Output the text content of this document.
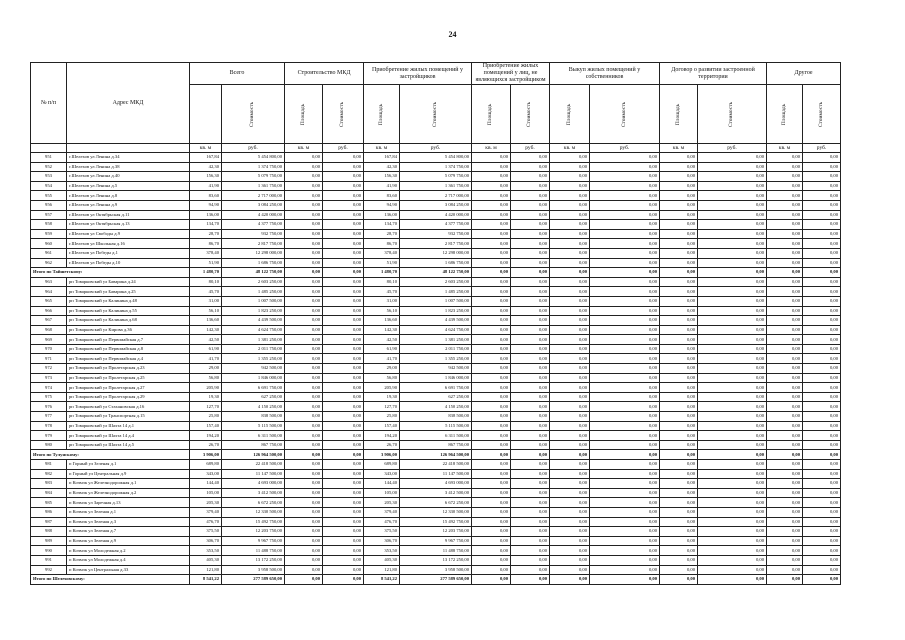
24
№ п/п	Адрес МКД	Всего		Строительство МКД		Приобретение жилых помещений у застройщиков		Приобретение жилых помещений у лиц, не являющихся застройщиком		Выкуп жилых помещений у собственников		Договор о развитии застроенной территории		Другое	
	Стоимость	Площадь	Стоимость	Площадь	Стоимость	Площадь	Стоимость	Площадь	Стоимость	Площадь	Стоимость	Площадь	Стоимость
		кв. м	руб.	кв. м	руб.	кв. м	руб.	кв. м	руб.	кв. м	руб.	кв. м	руб.	кв. м	руб.
951	г.Шелехов ул Ленина д.34	167,84	5 454 800,00	0,00	0,00	167,84	5 454 800,00	0,00	0,00	0,00	0,00	0,00	0,00	0,00	0,00
952	г.Шелехов ул Ленина д.38	42,30	1 374 750,00	0,00	0,00	42,30	1 374 750,00	0,00	0,00	0,00	0,00	0,00	0,00	0,00	0,00
953	г.Шелехов ул Ленина д.40	156,30	5 079 750,00	0,00	0,00	156,30	5 079 750,00	0,00	0,00	0,00	0,00	0,00	0,00	0,00	0,00
954	г.Шелехов ул Ленина д.5	41,90	1 361 750,00	0,00	0,00	41,90	1 361 750,00	0,00	0,00	0,00	0,00	0,00	0,00	0,00	0,00
955	г.Шелехов ул Ленина д.8	83,60	2 717 000,00	0,00	0,00	83,60	2 717 000,00	0,00	0,00	0,00	0,00	0,00	0,00	0,00	0,00
956	г.Шелехов ул Ленина д.9	94,90	3 084 250,00	0,00	0,00	94,90	3 084 250,00	0,00	0,00	0,00	0,00	0,00	0,00	0,00	0,00
957	г.Шелехов ул Октябрьская д.11	136,00	4 420 000,00	0,00	0,00	136,00	4 420 000,00	0,00	0,00	0,00	0,00	0,00	0,00	0,00	0,00
958	г.Шелехов ул Октябрьская д.13	134,70	4 377 750,00	0,00	0,00	134,70	4 377 750,00	0,00	0,00	0,00	0,00	0,00	0,00	0,00	0,00
959	г.Шелехов ул Свободы д.9	28,70	932 750,00	0,00	0,00	28,70	932 750,00	0,00	0,00	0,00	0,00	0,00	0,00	0,00	0,00
960	г.Шелехов ул Школьная д.16	86,70	2 817 750,00	0,00	0,00	86,70	2 817 750,00	0,00	0,00	0,00	0,00	0,00	0,00	0,00	0,00
961	г.Шелехов ул Победы д.1	378,40	12 298 000,00	0,00	0,00	378,40	12 298 000,00	0,00	0,00	0,00	0,00	0,00	0,00	0,00	0,00
962	г.Шелехов ул Победы д.10	51,90	1 686 750,00	0,00	0,00	51,90	1 686 750,00	0,00	0,00	0,00	0,00	0,00	0,00	0,00	0,00
Итого по Тайшетскому:		1 480,70	48 122 750,00	0,00	0,00	1 480,70	48 122 750,00	0,00	0,00	0,00	0,00	0,00	0,00	0,00	0,00
963	рп Товарковский ул Баварина д.24	80,10	2 603 250,00	0,00	0,00	80,10	2 603 250,00	0,00	0,00	0,00	0,00	0,00	0,00	0,00	0,00
964	рп Товарковский ул Баварина д.25	45,70	1 485 250,00	0,00	0,00	45,70	1 485 250,00	0,00	0,00	0,00	0,00	0,00	0,00	0,00	0,00
965	рп Товарковский ул Калинина д.48	31,00	1 007 500,00	0,00	0,00	31,00	1 007 500,00	0,00	0,00	0,00	0,00	0,00	0,00	0,00	0,00
966	рп Товарковский ул Калинина д.55	56,10	1 823 250,00	0,00	0,00	56,10	1 823 250,00	0,00	0,00	0,00	0,00	0,00	0,00	0,00	0,00
967	рп Товарковский ул Калинина д.68	136,60	4 439 500,00	0,00	0,00	136,60	4 439 500,00	0,00	0,00	0,00	0,00	0,00	0,00	0,00	0,00
968	рп Товарковский ул Кирова д.36	142,30	4 624 750,00	0,00	0,00	142,30	4 624 750,00	0,00	0,00	0,00	0,00	0,00	0,00	0,00	0,00
969	рп Товарковский ул Первомайская д.7	42,50	1 381 250,00	0,00	0,00	42,50	1 381 250,00	0,00	0,00	0,00	0,00	0,00	0,00	0,00	0,00
970	рп Товарковский ул Первомайская д.8	61,90	2 011 750,00	0,00	0,00	61,90	2 011 750,00	0,00	0,00	0,00	0,00	0,00	0,00	0,00	0,00
971	рп Товарковский ул Первомайская д.4	41,70	1 355 250,00	0,00	0,00	41,70	1 355 250,00	0,00	0,00	0,00	0,00	0,00	0,00	0,00	0,00
972	рп Товарковский ул Пролетарская д.23	29,00	942 500,00	0,00	0,00	29,00	942 500,00	0,00	0,00	0,00	0,00	0,00	0,00	0,00	0,00
973	рп Товарковский ул Пролетарская д.25	56,80	1 846 000,00	0,00	0,00	56,80	1 846 000,00	0,00	0,00	0,00	0,00	0,00	0,00	0,00	0,00
974	рп Товарковский ул Пролетарская д.27	205,90	6 691 750,00	0,00	0,00	205,90	6 691 750,00	0,00	0,00	0,00	0,00	0,00	0,00	0,00	0,00
975	рп Товарковский ул Пролетарская д.29	19,30	627 250,00	0,00	0,00	19,30	627 250,00	0,00	0,00	0,00	0,00	0,00	0,00	0,00	0,00
976	рп Товарковский ул Стахановская д.16	127,70	4 150 250,00	0,00	0,00	127,70	4 150 250,00	0,00	0,00	0,00	0,00	0,00	0,00	0,00	0,00
977	рп Товарковский ул Транспортная д.15	25,80	838 500,00	0,00	0,00	25,80	838 500,00	0,00	0,00	0,00	0,00	0,00	0,00	0,00	0,00
978	рп Товарковский ул Шахта 14 д.1	157,40	5 115 500,00	0,00	0,00	157,40	5 115 500,00	0,00	0,00	0,00	0,00	0,00	0,00	0,00	0,00
979	рп Товарковский ул Шахта 14 д.4	194,20	6 311 500,00	0,00	0,00	194,20	6 311 500,00	0,00	0,00	0,00	0,00	0,00	0,00	0,00	0,00
980	рп Товарковский ул Шахта 14 д.5	26,70	867 750,00	0,00	0,00	26,70	867 750,00	0,00	0,00	0,00	0,00	0,00	0,00	0,00	0,00
Итого по Тулунскому:		3 906,00	126 964 500,00	0,00	0,00	3 906,00	126 964 500,00	0,00	0,00	0,00	0,00	0,00	0,00	0,00	0,00
981	п Горный ул Зеленая д.1	689,80	22 418 500,00	0,00	0,00	689,80	22 418 500,00	0,00	0,00	0,00	0,00	0,00	0,00	0,00	0,00
982	п Горный ул Центральная д.9	343,00	11 147 500,00	0,00	0,00	343,00	11 147 500,00	0,00	0,00	0,00	0,00	0,00	0,00	0,00	0,00
983	п Кочмэк ул Железнодорожная д.1	144,40	4 693 000,00	0,00	0,00	144,40	4 693 000,00	0,00	0,00	0,00	0,00	0,00	0,00	0,00	0,00
984	п Кочмэк ул Железнодорожная д.2	105,00	3 412 500,00	0,00	0,00	105,00	3 412 500,00	0,00	0,00	0,00	0,00	0,00	0,00	0,00	0,00
985	п Кочмэк ул Заречная д.13	205,30	6 672 250,00	0,00	0,00	205,30	6 672 250,00	0,00	0,00	0,00	0,00	0,00	0,00	0,00	0,00
986	п Кочмэк ул Зеленая д.1	379,40	12 330 500,00	0,00	0,00	379,40	12 330 500,00	0,00	0,00	0,00	0,00	0,00	0,00	0,00	0,00
987	п Кочмэк ул Зеленая д.3	476,70	15 492 750,00	0,00	0,00	476,70	15 492 750,00	0,00	0,00	0,00	0,00	0,00	0,00	0,00	0,00
988	п Кочмэк ул Зеленая д.7	375,50	12 203 750,00	0,00	0,00	375,50	12 203 750,00	0,00	0,00	0,00	0,00	0,00	0,00	0,00	0,00
989	п Кочмэк ул Зеленая д.9	306,70	9 967 750,00	0,00	0,00	306,70	9 967 750,00	0,00	0,00	0,00	0,00	0,00	0,00	0,00	0,00
990	п Кочмэк ул Молодежная д.2	353,50	11 488 750,00	0,00	0,00	353,50	11 488 750,00	0,00	0,00	0,00	0,00	0,00	0,00	0,00	0,00
991	п Кочмэк ул Молодежная д.4	405,30	13 172 250,00	0,00	0,00	405,30	13 172 250,00	0,00	0,00	0,00	0,00	0,00	0,00	0,00	0,00
992	п Кочмэк ул Центральная д.33	121,80	3 958 500,00	0,00	0,00	121,80	3 958 500,00	0,00	0,00	0,00	0,00	0,00	0,00	0,00	0,00
Итого по Шелеховскому:		8 541,22	277 589 650,00	0,00	0,00	8 541,22	277 589 650,00	0,00	0,00	0,00	0,00	0,00	0,00	0,00	0,00
